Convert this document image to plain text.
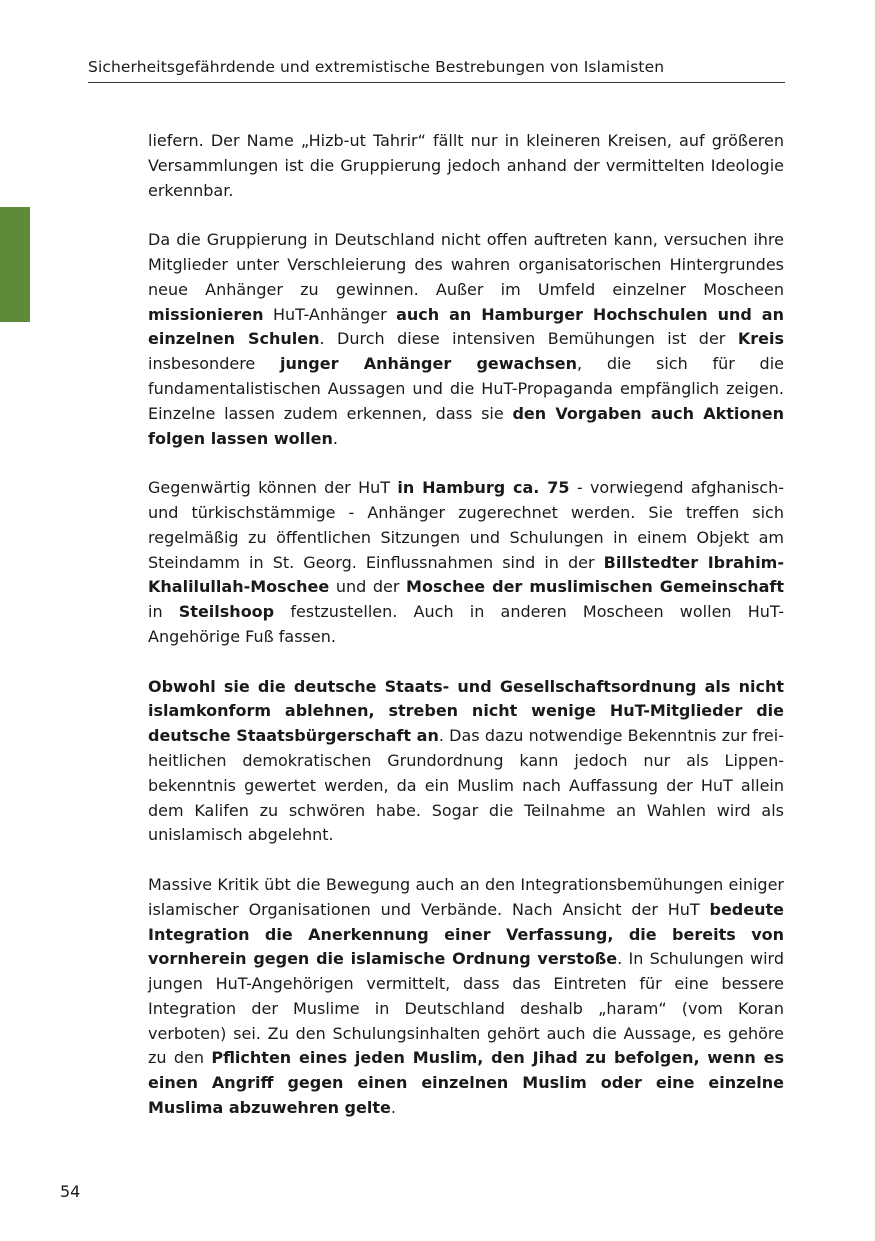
Sicherheitsgefährdende und extremistische Bestrebungen von Islamisten

liefern. Der Name „Hizb-ut Tahrir“ fällt nur in kleineren Kreisen, auf größeren Versammlungen ist die Gruppierung jedoch anhand der vermittelten Ideologie erkennbar.

Da die Gruppierung in Deutschland nicht offen auftreten kann, versuchen ihre Mitglieder unter Verschleierung des wahren organisatorischen Hintergrundes neue Anhänger zu gewinnen. Außer im Umfeld einzelner Moscheen missionieren HuT-Anhänger auch an Hamburger Hochschulen und an einzelnen Schulen. Durch diese intensiven Bemühungen ist der Kreis insbesondere junger Anhänger gewachsen, die sich für die fundamentalistischen Aussagen und die HuT-Propaganda empfänglich zeigen. Einzelne lassen zudem erkennen, dass sie den Vorgaben auch Aktionen folgen lassen wollen.

Gegenwärtig können der HuT in Hamburg ca. 75 - vorwiegend afghanisch- und türkischstämmige - Anhänger zugerechnet werden. Sie treffen sich regelmäßig zu öffentlichen Sitzungen und Schulungen in einem Objekt am Steindamm in St. Georg. Einflussnahmen sind in der Billstedter Ibrahim-Khalilullah-Moschee und der Moschee der muslimischen Gemeinschaft in Steilshoop festzustellen. Auch in anderen Moscheen wollen HuT-Angehörige Fuß fassen.

Obwohl sie die deutsche Staats- und Gesellschaftsordnung als nicht islamkonform ablehnen, streben nicht wenige HuT-Mitglieder die deutsche Staatsbürgerschaft an. Das dazu notwendige Bekenntnis zur freiheitlichen demokratischen Grundordnung kann jedoch nur als Lippenbekenntnis gewertet werden, da ein Muslim nach Auffassung der HuT allein dem Kalifen zu schwören habe. Sogar die Teilnahme an Wahlen wird als unislamisch abgelehnt.

Massive Kritik übt die Bewegung auch an den Integrationsbemühungen einiger islamischer Organisationen und Verbände. Nach Ansicht der HuT bedeute Integration die Anerkennung einer Verfassung, die bereits von vornherein gegen die islamische Ordnung verstoße. In Schulungen wird jungen HuT-Angehörigen vermittelt, dass das Eintreten für eine bessere Integration der Muslime in Deutschland deshalb „haram“ (vom Koran verboten) sei. Zu den Schulungsinhalten gehört auch die Aussage, es gehöre zu den Pflichten eines jeden Muslim, den Jihad zu befolgen, wenn es einen Angriff gegen einen einzelnen Muslim oder eine einzelne Muslima abzuwehren gelte.

54
